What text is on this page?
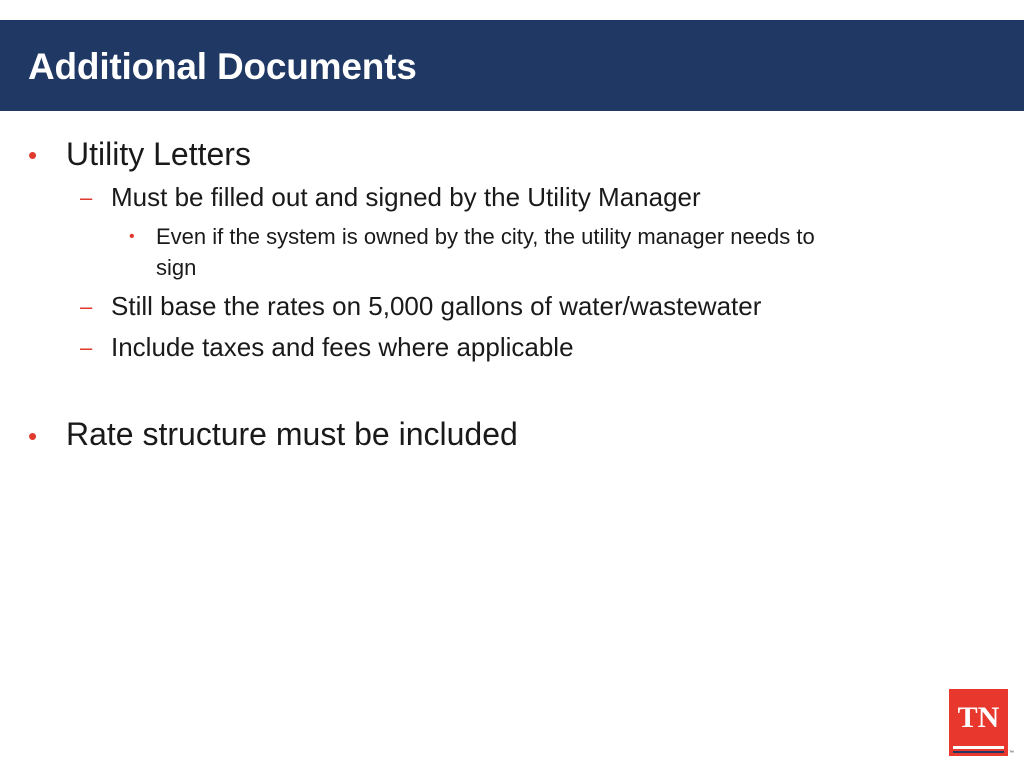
Additional Documents
• Utility Letters
– Must be filled out and signed by the Utility Manager
• Even if the system is owned by the city, the utility manager needs to
sign
– Still base the rates on 5,000 gallons of water/wastewater
– Include taxes and fees where applicable
• Rate structure must be included
TN
™
